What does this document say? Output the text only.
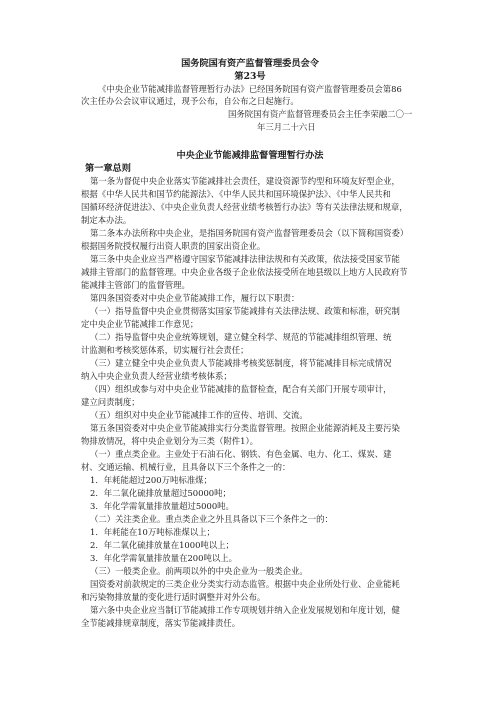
国务院国有资产监督管理委员会令
第23号
《中央企业节能减排监督管理暂行办法》已经国务院国有资产监督管理委员会第86
次主任办公会议审议通过，现予公布，自公布之日起施行。
国务院国有资产监督管理委员会主任李荣融二〇一
年三月二十六日
中央企业节能减排监督管理暂行办法
第一章总则
第一条为督促中央企业落实节能减排社会责任，建设资源节约型和环境友好型企业，
根据《中华人民共和国节约能源法》、《中华人民共和国环境保护法》、《中华人民共和
国循环经济促进法》、《中央企业负责人经营业绩考核暂行办法》等有关法律法规和规章，
制定本办法。
第二条本办法所称中央企业，是指国务院国有资产监督管理委员会（以下简称国资委）
根据国务院授权履行出资人职责的国家出资企业。
第三条中央企业应当严格遵守国家节能减排法律法规和有关政策，依法接受国家节能
减排主管部门的监督管理。中央企业各级子企业依法接受所在地县级以上地方人民政府节
能减排主管部门的监督管理。
第四条国资委对中央企业节能减排工作，履行以下职责：
（一）指导监督中央企业贯彻落实国家节能减排有关法律法规、政策和标准，研究制
定中央企业节能减排工作意见；
（二）指导监督中央企业统筹规划，建立健全科学、规范的节能减排组织管理、统
计监测和考核奖惩体系，切实履行社会责任；
（三）建立健全中央企业负责人节能减排考核奖惩制度，将节能减排目标完成情况
纳入中央企业负责人经营业绩考核体系；
（四）组织或参与对中央企业节能减排的监督检查，配合有关部门开展专项审计，
建立问责制度；
（五）组织对中央企业节能减排工作的宣传、培训、交流。
第五条国资委对中央企业节能减排实行分类监督管理。按照企业能源消耗及主要污染
物排放情况，将中央企业划分为三类（附件1）。
（一）重点类企业。主业处于石油石化、钢铁、有色金属、电力、化工、煤炭、建
材、交通运输、机械行业，且具备以下三个条件之一的：
1．年耗能超过200万吨标准煤；
2．年二氧化硫排放量超过50000吨；
3．年化学需氧量排放量超过5000吨。
（二）关注类企业。重点类企业之外且具备以下三个条件之一的：
1．年耗能在10万吨标准煤以上；
2．年二氧化硫排放量在1000吨以上；
3．年化学需氧量排放量在200吨以上。
（三）一般类企业。前两项以外的中央企业为一般类企业。
国资委对前款规定的三类企业分类实行动态监管。根据中央企业所处行业、企业能耗
和污染物排放量的变化进行适时调整并对外公布。
第六条中央企业应当制订节能减排工作专项规划并纳入企业发展规划和年度计划，健
全节能减排规章制度，落实节能减排责任。
